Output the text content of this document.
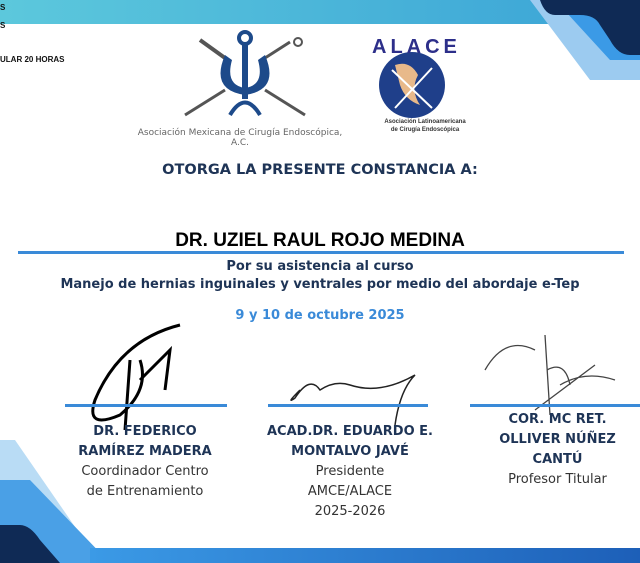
S
S
ULAR 20 HORAS
Asociación Mexicana de Cirugía Endoscópica, A.C.
ALACE
Asociación Latinoamericana
de Cirugía Endoscópica
OTORGA LA PRESENTE CONSTANCIA A:
DR. UZIEL RAUL ROJO MEDINA
Por su asistencia al curso
Manejo de hernias inguinales y ventrales por medio del abordaje e-Tep
9 y 10 de octubre 2025
DR. FEDERICO
RAMÍREZ MADERA
Coordinador Centro
de Entrenamiento
ACAD.DR. EDUARDO E.
MONTALVO JAVÉ
Presidente
AMCE/ALACE
2025-2026
COR. MC RET.
OLLIVER NÚÑEZ
CANTÚ
Profesor Titular
